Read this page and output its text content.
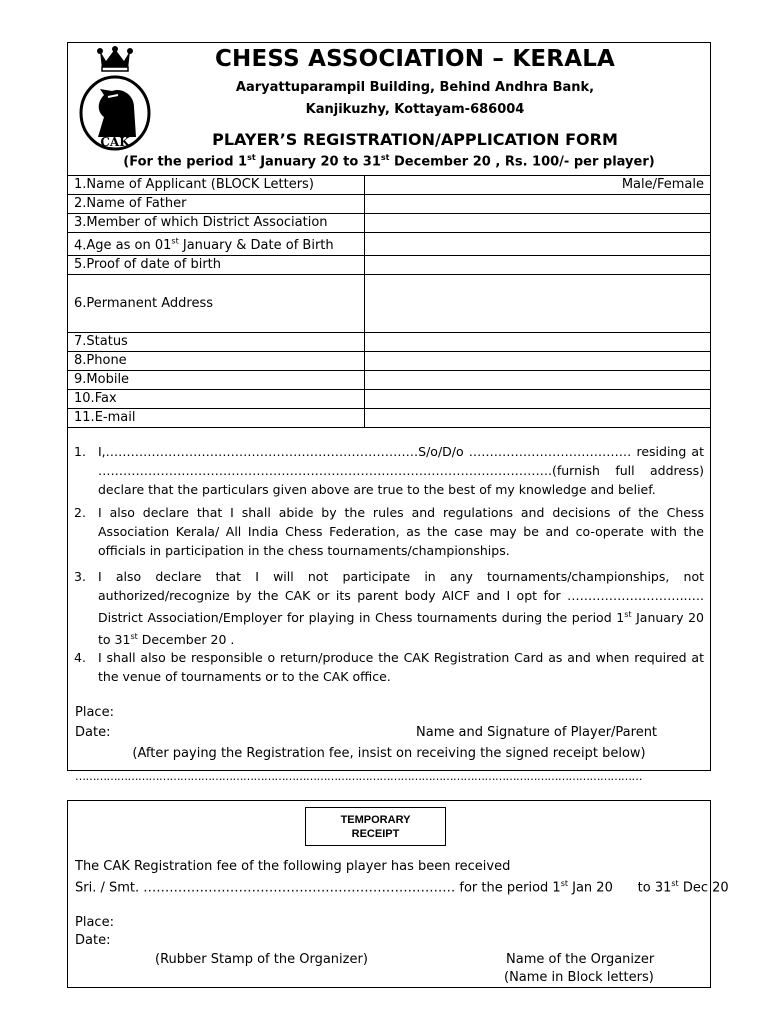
CAK
CHESS ASSOCIATION – KERALA
Aaryattuparampil Building, Behind Andhra Bank,
Kanjikuzhy, Kottayam-686004
PLAYER’S REGISTRATION/APPLICATION FORM
(For the period 1st January 20 to 31st December 20 , Rs. 100/- per player)
1.Name of Applicant (BLOCK Letters)	Male/Female

2.Name of Father	
3.Member of which District Association	
4.Age as on 01st January & Date of Birth	
5.Proof of date of birth	
6.Permanent Address	
7.Status	
8.Phone	
9.Mobile	
10.Fax	
11.E-mail	
1. I,…………………………………………………………………S/o/D/o ………………………………… residing at ……………………………………………………………………………………………….(furnish full address) declare that the particulars given above are true to the best of my knowledge and belief.
2. I also declare that I shall abide by the rules and regulations and decisions of the Chess Association Kerala/ All India Chess Federation, as the case may be and co-operate with the officials in participation in the chess tournaments/championships.
3. I also declare that I will not participate in any tournaments/championships, not authorized/recognize by the CAK or its parent body AICF and I opt for ………………………..…. District Association/Employer for playing in Chess tournaments during the period 1st January 20 to 31st December 20 .
4. I shall also be responsible o return/produce the CAK Registration Card as and when required at the venue of tournaments or to the CAK office.
Place:
Date:	Name and Signature of Player/Parent
(After paying the Registration fee, insist on receiving the signed receipt below)
………………………………………………………………………………………………………………………………………………
TEMPORARY
RECEIPT
The CAK Registration fee of the following player has been received
Sri. / Smt. ……………………………………………………………… for the period 1st Jan 20      to 31st Dec 20
Place:
Date:
(Rubber Stamp of the Organizer)	Name of the Organizer
(Name in Block letters)
